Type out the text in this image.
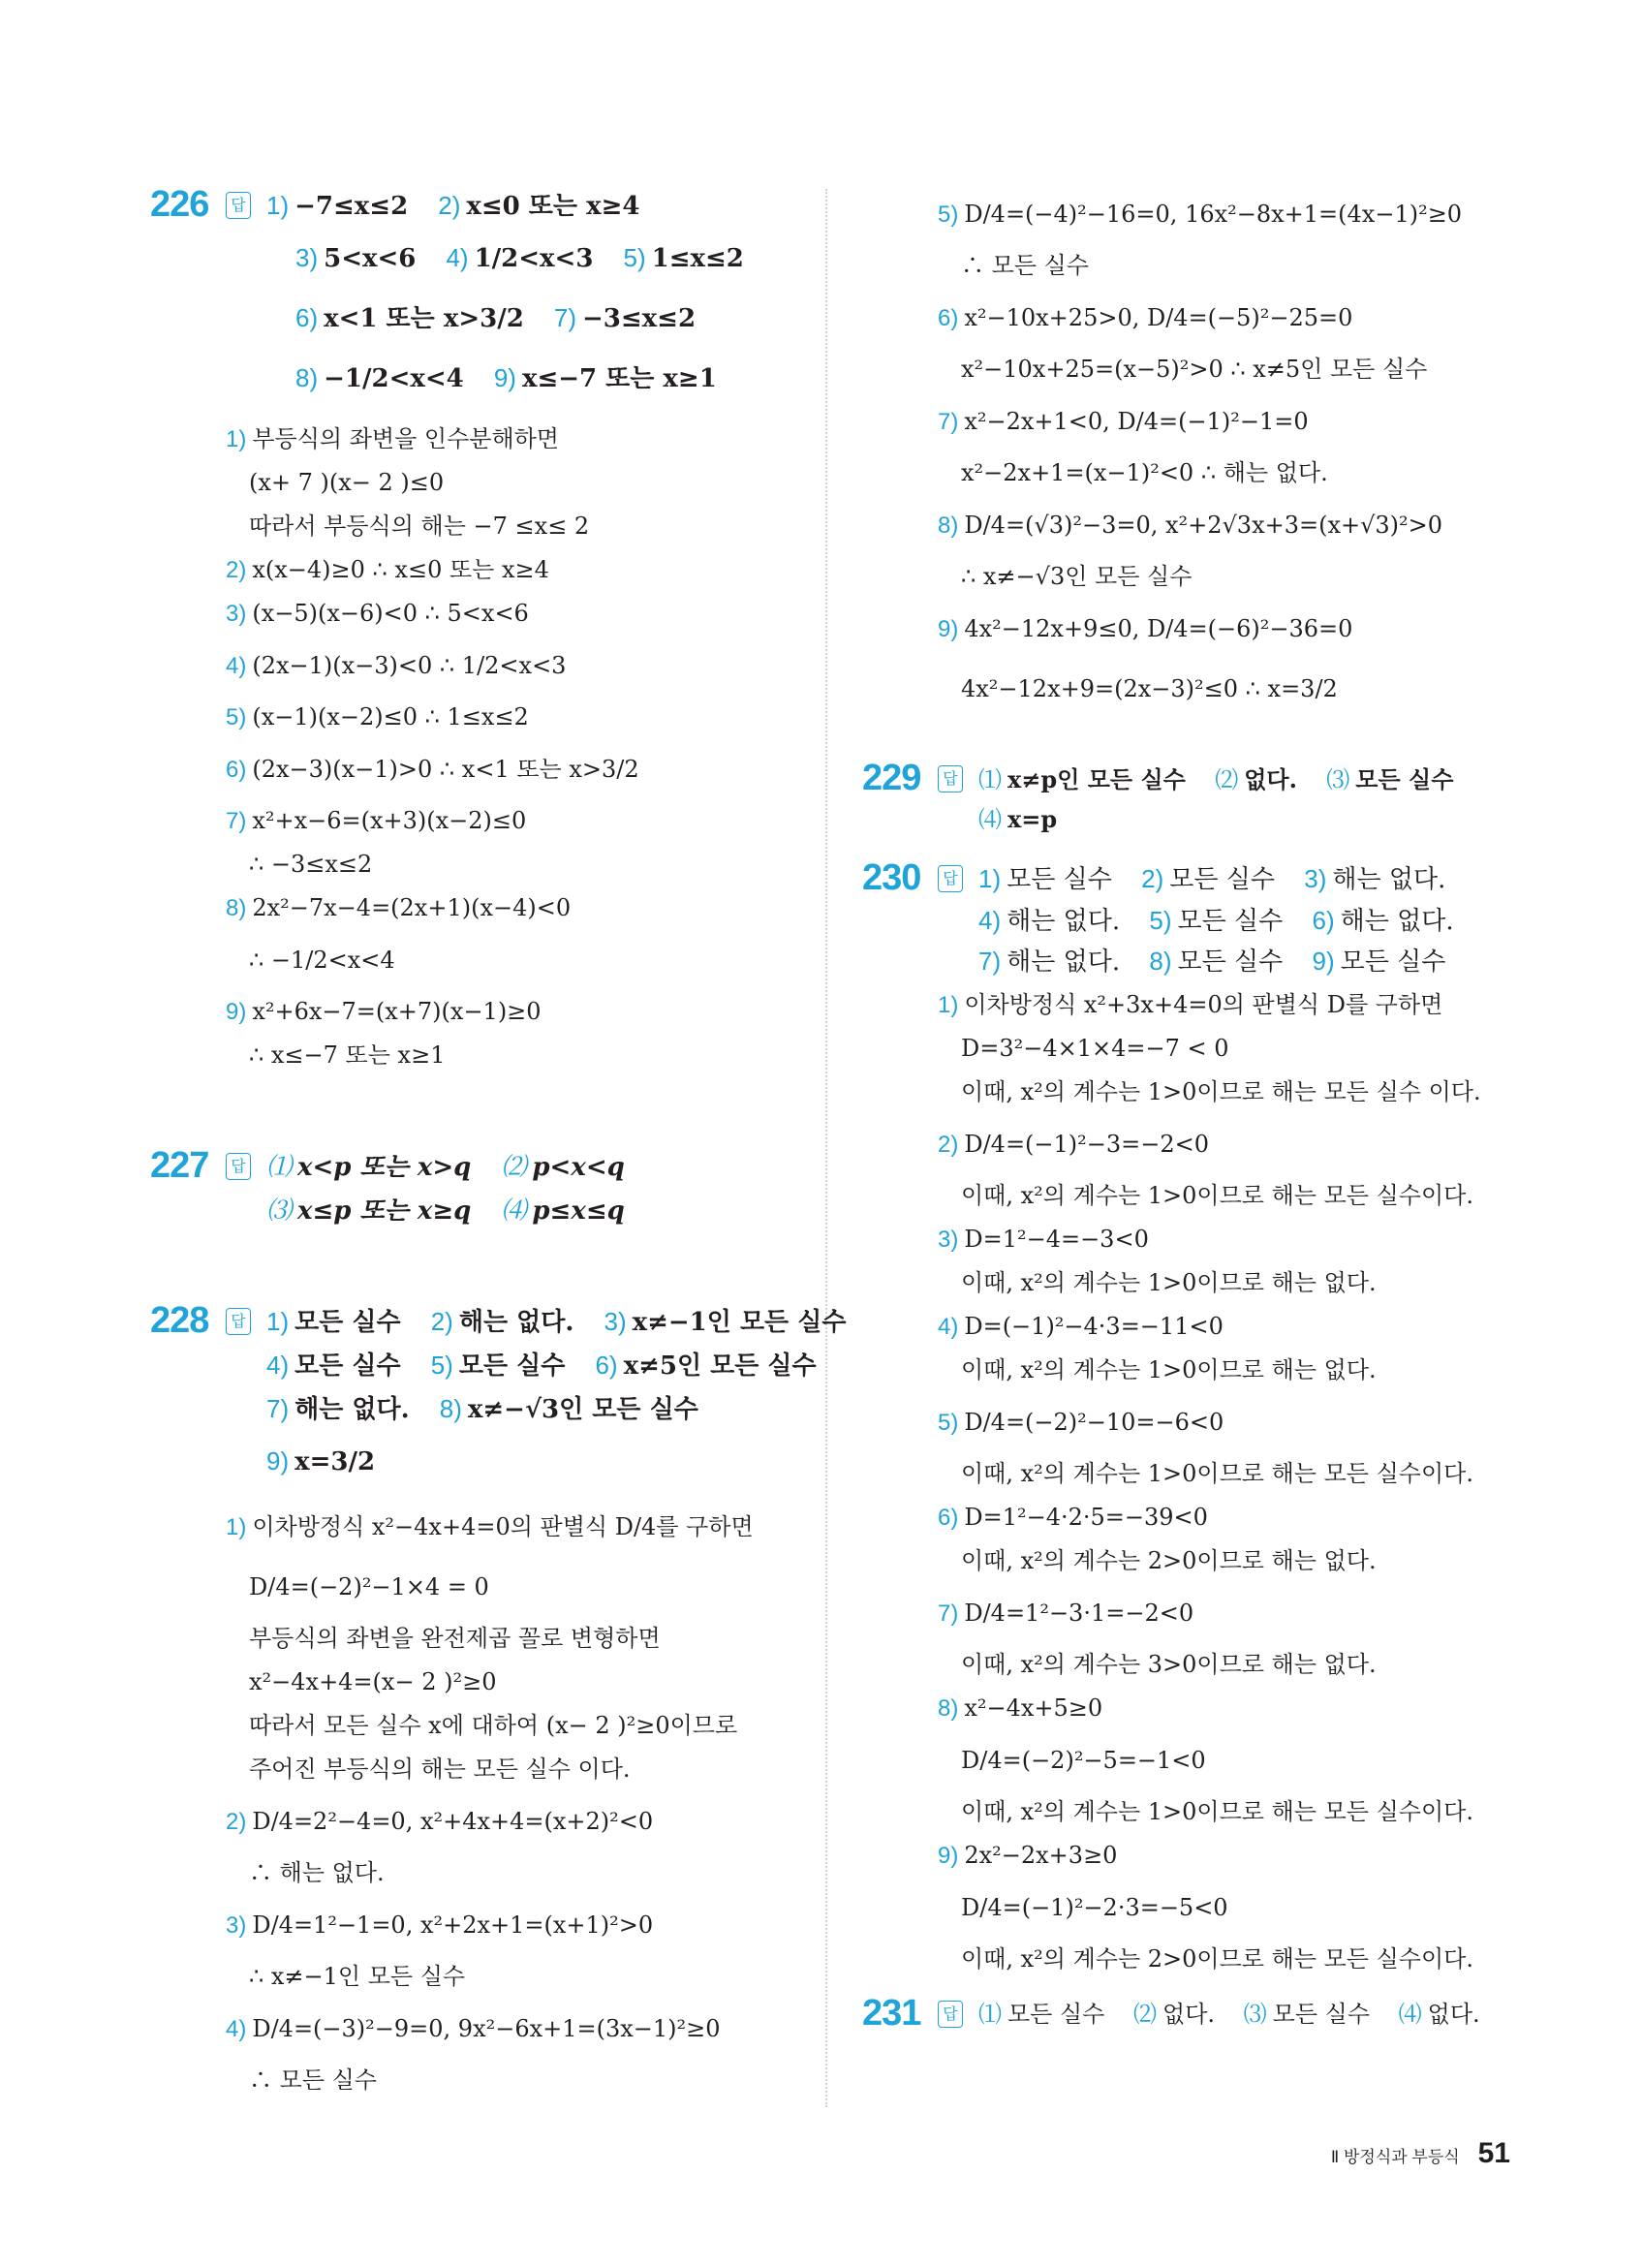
226	답 1) −7≤x≤2 2) x≤0 또는 x≥4
3) 5<x<6 4) 1/2<x<3 5) 1≤x≤2
6) x<1 또는 x>3/2 7) −3≤x≤2
8) −1/2<x<4 9) x≤−7 또는 x≥1
1) 부등식의 좌변을 인수분해하면
(x+ 7 )(x− 2 )≤0
따라서 부등식의 해는 −7 ≤x≤ 2
2) x(x−4)≥0 ∴ x≤0 또는 x≥4
3) (x−5)(x−6)<0 ∴ 5<x<6
4) (2x−1)(x−3)<0 ∴ 1/2<x<3
5) (x−1)(x−2)≤0 ∴ 1≤x≤2
6) (2x−3)(x−1)>0 ∴ x<1 또는 x>3/2
7) x²+x−6=(x+3)(x−2)≤0
∴ −3≤x≤2
8) 2x²−7x−4=(2x+1)(x−4)<0
∴ −1/2<x<4
9) x²+6x−7=(x+7)(x−1)≥0
∴ x≤−7 또는 x≥1
227	답 ⑴ x<p 또는 x>q ⑵ p<x<q
⑶ x≤p 또는 x≥q ⑷ p≤x≤q
228	답 1) 모든 실수 2) 해는 없다. 3) x≠−1인 모든 실수
4) 모든 실수 5) 모든 실수 6) x≠5인 모든 실수
7) 해는 없다. 8) x≠−√3인 모든 실수
9) x=3/2
1) 이차방정식 x²−4x+4=0의 판별식 D/4를 구하면
D/4=(−2)²−1×4 = 0
부등식의 좌변을 완전제곱 꼴로 변형하면
x²−4x+4=(x− 2 )²≥0
따라서 모든 실수 x에 대하여 (x− 2 )²≥0이므로
주어진 부등식의 해는 모든 실수 이다.
2) D/4=2²−4=0, x²+4x+4=(x+2)²<0
∴ 해는 없다.
3) D/4=1²−1=0, x²+2x+1=(x+1)²>0
∴ x≠−1인 모든 실수
4) D/4=(−3)²−9=0, 9x²−6x+1=(3x−1)²≥0
∴ 모든 실수
5) D/4=(−4)²−16=0, 16x²−8x+1=(4x−1)²≥0
∴ 모든 실수
6) x²−10x+25>0, D/4=(−5)²−25=0
x²−10x+25=(x−5)²>0 ∴ x≠5인 모든 실수
7) x²−2x+1<0, D/4=(−1)²−1=0
x²−2x+1=(x−1)²<0 ∴ 해는 없다.
8) D/4=(√3)²−3=0, x²+2√3x+3=(x+√3)²>0
∴ x≠−√3인 모든 실수
9) 4x²−12x+9≤0, D/4=(−6)²−36=0
4x²−12x+9=(2x−3)²≤0 ∴ x=3/2
229	답 ⑴ x≠p인 모든 실수 ⑵ 없다. ⑶ 모든 실수
⑷ x=p
230	답 1) 모든 실수 2) 모든 실수 3) 해는 없다.
4) 해는 없다. 5) 모든 실수 6) 해는 없다.
7) 해는 없다. 8) 모든 실수 9) 모든 실수
1) 이차방정식 x²+3x+4=0의 판별식 D를 구하면
D=3²−4×1×4=−7 < 0
이때, x²의 계수는 1>0이므로 해는 모든 실수 이다.
2) D/4=(−1)²−3=−2<0
이때, x²의 계수는 1>0이므로 해는 모든 실수이다.
3) D=1²−4=−3<0
이때, x²의 계수는 1>0이므로 해는 없다.
4) D=(−1)²−4·3=−11<0
이때, x²의 계수는 1>0이므로 해는 없다.
5) D/4=(−2)²−10=−6<0
이때, x²의 계수는 1>0이므로 해는 모든 실수이다.
6) D=1²−4·2·5=−39<0
이때, x²의 계수는 2>0이므로 해는 없다.
7) D/4=1²−3·1=−2<0
이때, x²의 계수는 3>0이므로 해는 없다.
8) x²−4x+5≥0
D/4=(−2)²−5=−1<0
이때, x²의 계수는 1>0이므로 해는 모든 실수이다.
9) 2x²−2x+3≥0
D/4=(−1)²−2·3=−5<0
이때, x²의 계수는 2>0이므로 해는 모든 실수이다.
231	답 ⑴ 모든 실수 ⑵ 없다. ⑶ 모든 실수 ⑷ 없다.
Ⅱ 방정식과 부등식 51
